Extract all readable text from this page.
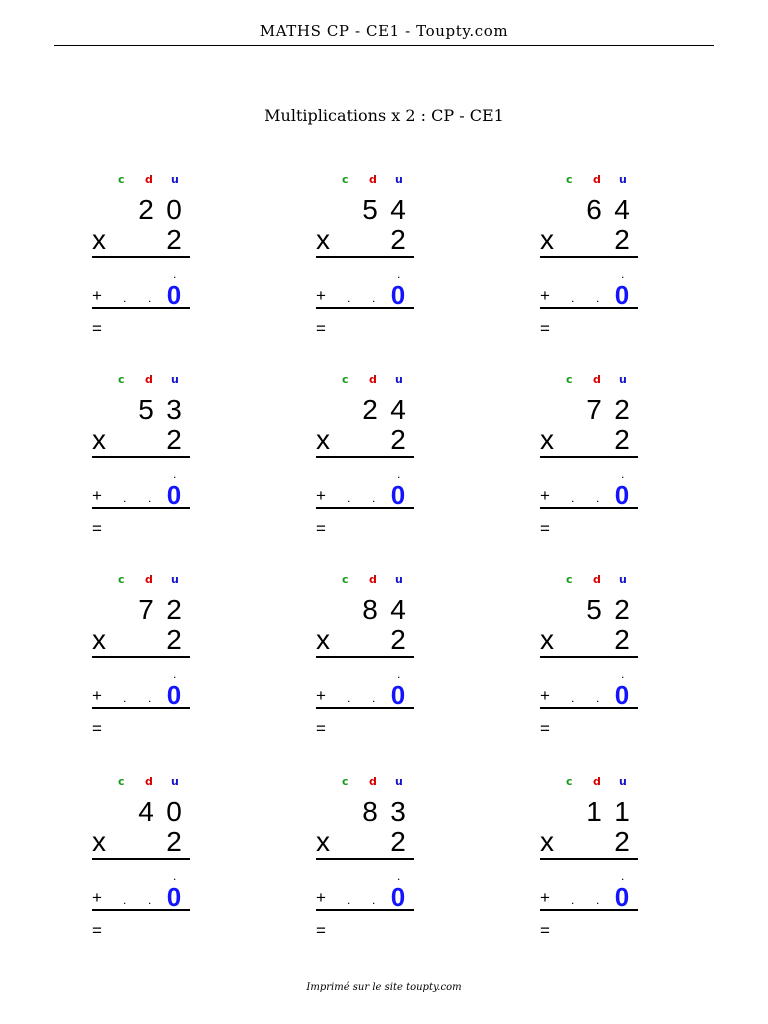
MATHS CP - CE1 - Toupty.com
Multiplications x 2 : CP - CE1
c d u
2 0
x 2
.
+ . . 0
=
c d u
5 4
x 2
.
+ . . 0
=
c d u
6 4
x 2
.
+ . . 0
=
c d u
5 3
x 2
.
+ . . 0
=
c d u
2 4
x 2
.
+ . . 0
=
c d u
7 2
x 2
.
+ . . 0
=
c d u
7 2
x 2
.
+ . . 0
=
c d u
8 4
x 2
.
+ . . 0
=
c d u
5 2
x 2
.
+ . . 0
=
c d u
4 0
x 2
.
+ . . 0
=
c d u
8 3
x 2
.
+ . . 0
=
c d u
1 1
x 2
.
+ . . 0
=
Imprimé sur le site toupty.com
